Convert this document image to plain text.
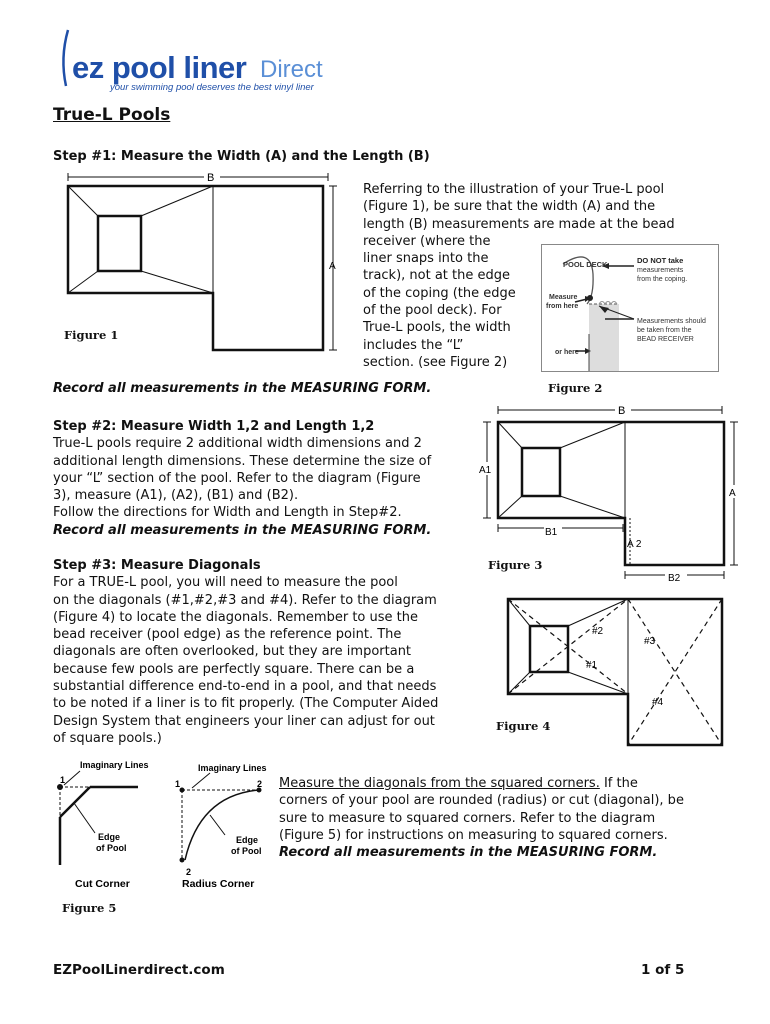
ez pool liner Direct
your swimming pool deserves the best vinyl liner
True-L Pools
Step #1: Measure the Width (A) and the Length (B)
B
A
Figure 1
Referring to the illustration of your True-L pool
(Figure 1), be sure that the width (A) and the
length (B) measurements are made at the bead
receiver (where the
liner snaps into the
track), not at the edge
of the coping (the edge
of the pool deck). For
True-L pools, the width
includes the “L”
section. (see Figure 2)
POOL DECK	DO NOT take
measurements
from the coping.
Measure
from here
or here
Measurements should
be taken from the
BEAD RECEIVER
Figure 2
Record all measurements in the MEASURING FORM.
Step #2: Measure Width 1,2 and Length 1,2
True-L pools require 2 additional width dimensions and 2
additional length dimensions. These determine the size of
your “L” section of the pool. Refer to the diagram (Figure
3), measure (A1), (A2), (B1) and (B2).
Follow the directions for Width and Length in Step#2.
Record all measurements in the MEASURING FORM.
B
A1
A
B1
A 2
B2
Figure 3
Step #3: Measure Diagonals
For a TRUE-L pool, you will need to measure the pool
on the diagonals (#1,#2,#3 and #4). Refer to the diagram
(Figure 4) to locate the diagonals. Remember to use the
bead receiver (pool edge) as the reference point. The
diagonals are often overlooked, but they are important
because few pools are perfectly square. There can be a
substantial difference end-to-end in a pool, and that needs
to be noted if a liner is to fit properly. (The Computer Aided
Design System that engineers your liner can adjust for out
of square pools.)
#2
#1
#3
#4
Figure 4
Imaginary Lines
1
Edge
of Pool
Cut Corner
Imaginary Lines
1	2
2
Edge
of Pool
Radius Corner
Figure 5
Measure the diagonals from the squared corners. If the
corners of your pool are rounded (radius) or cut (diagonal), be
sure to measure to squared corners. Refer to the diagram
(Figure 5) for instructions on measuring to squared corners.
Record all measurements in the MEASURING FORM.
EZPoolLinerdirect.com	1 of 5
